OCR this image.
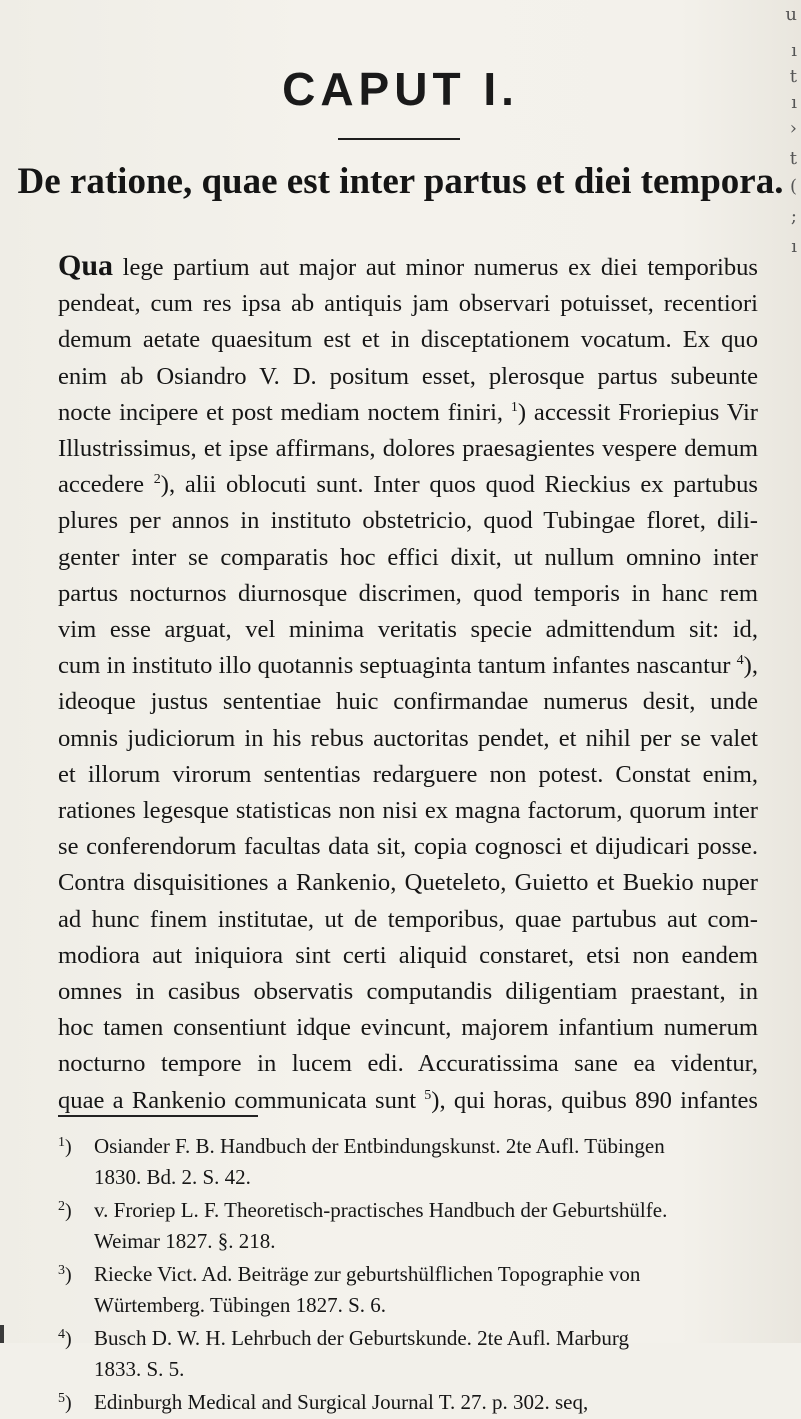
u
ı
t
ı
›
t
(
;
ı
CAPUT I.
De ratione, quae est inter partus et diei tempora.
Qua lege partium aut major aut minor numerus ex diei temporibus
pendeat, cum res ipsa ab antiquis jam observari potuisset, recentiori
demum aetate quaesitum est et in disceptationem vocatum. Ex quo
enim ab Osiandro V. D. positum esset, plerosque partus subeunte
nocte incipere et post mediam noctem finiri, $^1$) accessit Froriepius Vir
Illustrissimus, et ipse affirmans, dolores praesagientes vespere demum
accedere $^2$), alii oblocuti sunt. Inter quos quod Rieckius ex partubus
plures per annos in instituto obstetricio, quod Tubingae floret, dili-
genter inter se comparatis hoc effici dixit, ut nullum omnino inter
partus nocturnos diurnosque discrimen, quod temporis in hanc rem
vim esse arguat, vel minima veritatis specie admittendum sit: id,
cum in instituto illo quotannis septuaginta tantum infantes nascantur $^4$),
ideoque justus sententiae huic confirmandae numerus desit, unde
omnis judiciorum in his rebus auctoritas pendet, et nihil per se valet
et illorum virorum sententias redarguere non potest. Constat enim,
rationes legesque statisticas non nisi ex magna factorum, quorum inter
se conferendorum facultas data sit, copia cognosci et dijudicari posse.
Contra disquisitiones a Rankenio, Queteleto, Guietto et Buekio nuper
ad hunc finem institutae, ut de temporibus, quae partubus aut com-
modiora aut iniquiora sint certi aliquid constaret, etsi non eandem
omnes in casibus observatis computandis diligentiam praestant, in
hoc tamen consentiunt idque evincunt, majorem infantium numerum
nocturno tempore in lucem edi. Accuratissima sane ea videntur,
quae a Rankenio communicata sunt $^5$), qui horas, quibus 890 infantes
1 ) Osiander F. B. Handbuch der Entbindungskunst. 2te Aufl. Tübingen
1830. Bd. 2. S. 42.
2 ) v. Froriep L. F. Theoretisch-practisches Handbuch der Geburtshülfe.
Weimar 1827. §. 218.
3 ) Riecke Vict. Ad. Beiträge zur geburtshülflichen Topographie von
Würtemberg. Tübingen 1827. S. 6.
4 ) Busch D. W. H. Lehrbuch der Geburtskunde. 2te Aufl. Marburg
1833. S. 5.
5 ) Edinburgh Medical and Surgical Journal T. 27. p. 302. seq,
